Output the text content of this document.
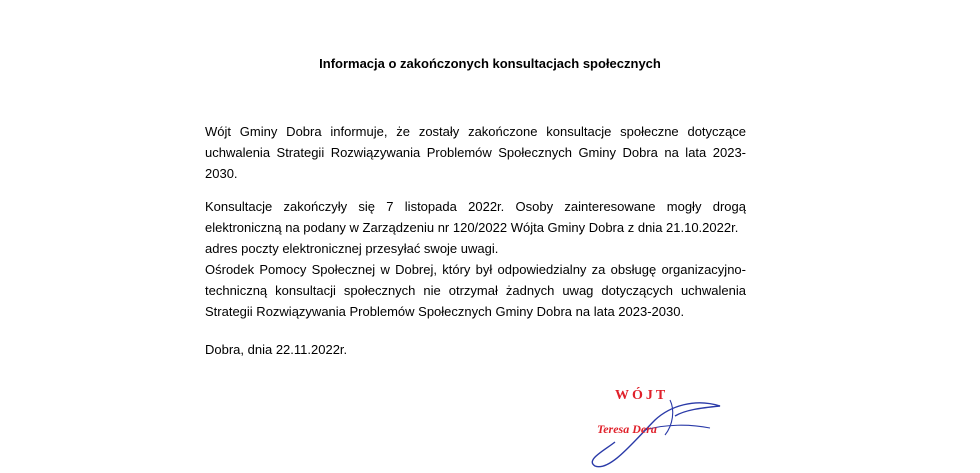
Informacja o zakończonych konsultacjach społecznych
Wójt Gminy Dobra informuje, że zostały zakończone konsultacje społeczne dotyczące
uchwalenia Strategii Rozwiązywania Problemów Społecznych Gminy Dobra na lata 2023-2030.
Konsultacje zakończyły się 7 listopada 2022r. Osoby zainteresowane mogły drogą
elektroniczną na podany w Zarządzeniu nr 120/2022 Wójta Gminy Dobra z dnia 21.10.2022r.
adres poczty elektronicznej przesyłać swoje uwagi.
Ośrodek Pomocy Społecznej w Dobrej, który był odpowiedzialny za obsługę organizacyjno-
techniczną konsultacji społecznych nie otrzymał żadnych uwag dotyczących uchwalenia
Strategii Rozwiązywania Problemów Społecznych Gminy Dobra na lata 2023-2030.
Dobra, dnia 22.11.2022r.
WÓJT
Teresa Dera
